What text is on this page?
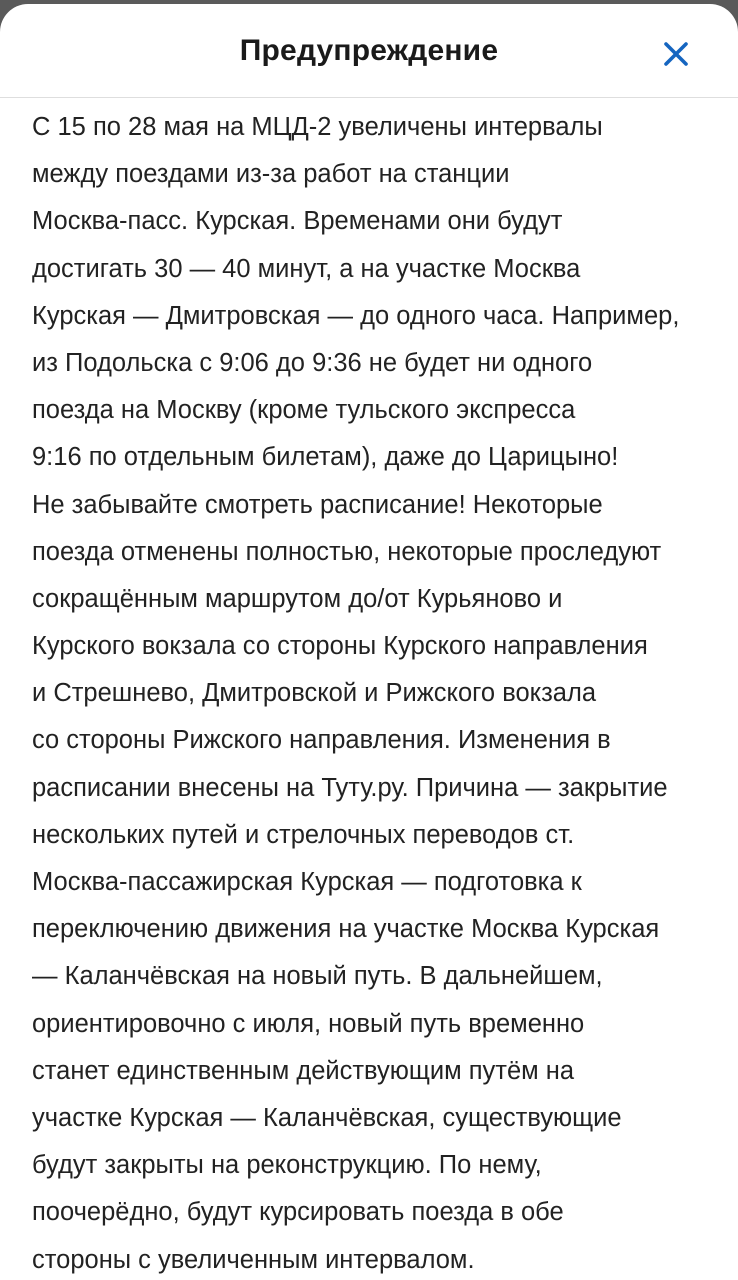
Предупреждение
С 15 по 28 мая на МЦД-2 увеличены интервалы
между поездами из-за работ на станции
Москва-пасс. Курская. Временами они будут
достигать 30 — 40 минут, а на участке Москва
Курская — Дмитровская — до одного часа. Например,
из Подольска с 9:06 до 9:36 не будет ни одного
поезда на Москву (кроме тульского экспресса
9:16 по отдельным билетам), даже до Царицыно!
Не забывайте смотреть расписание! Некоторые
поезда отменены полностью, некоторые проследуют
сокращённым маршрутом до/от Курьяново и
Курского вокзала со стороны Курского направления
и Стрешнево, Дмитровской и Рижского вокзала
со стороны Рижского направления. Изменения в
расписании внесены на Туту.ру. Причина — закрытие
нескольких путей и стрелочных переводов ст.
Москва-пассажирская Курская — подготовка к
переключению движения на участке Москва Курская
— Каланчёвская на новый путь. В дальнейшем,
ориентировочно с июля, новый путь временно
станет единственным действующим путём на
участке Курская — Каланчёвская, существующие
будут закрыты на реконструкцию. По нему,
поочерёдно, будут курсировать поезда в обе
стороны с увеличенным интервалом.
